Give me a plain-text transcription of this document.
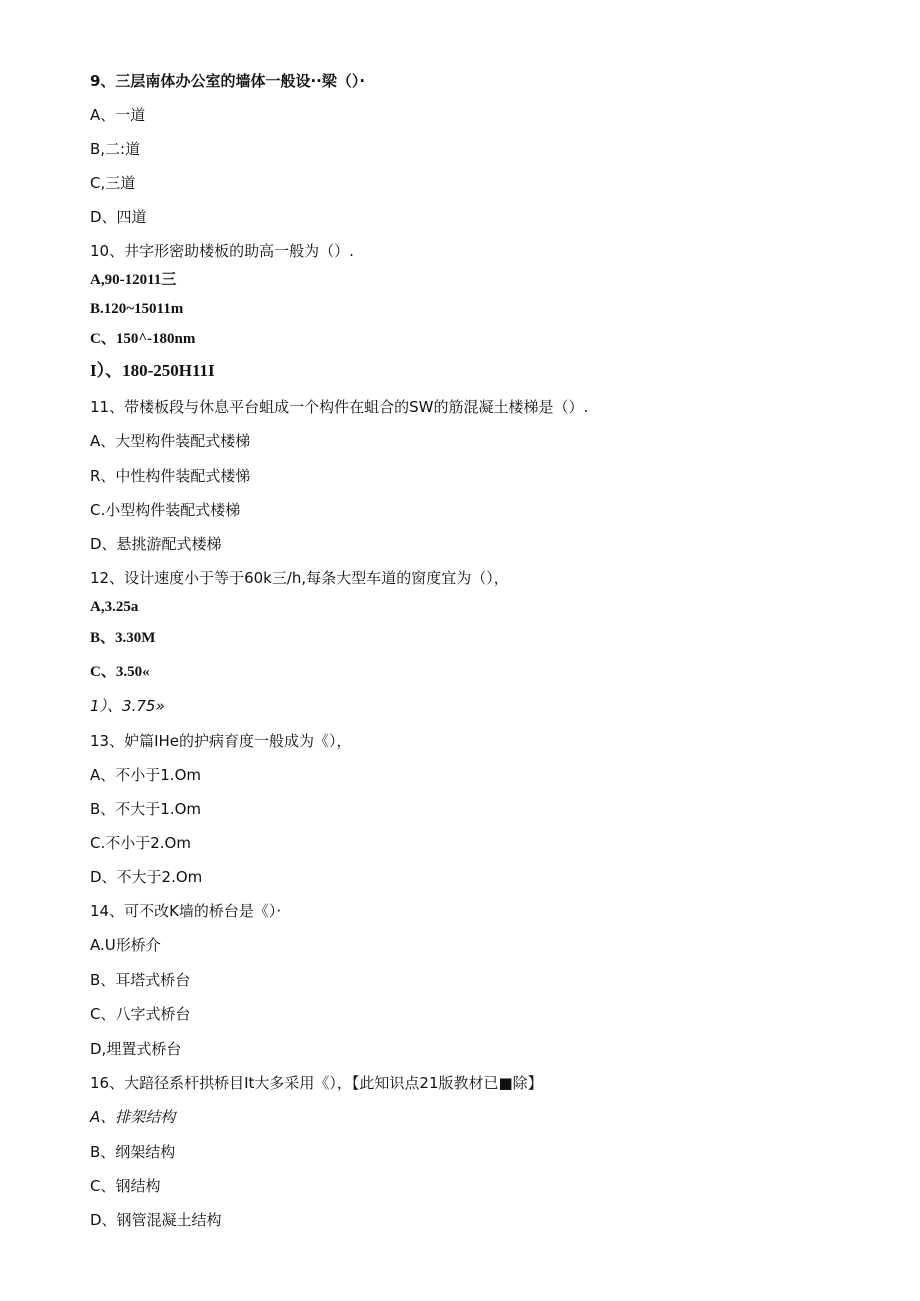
9、三层南体办公室的墙体一般设··梁（）·
A、一道
B,二:道
C,三道
D、四道
10、井字形密助楼板的助高一般为（）.
A,90-12011三
B.120~15011m
C、150^-180nm
I）、180-250H11I
11、带楼板段与休息平台蛆成一个构件在蛆合的SW的筋混凝土楼梯是（）.
A、大型构件装配式楼梯
R、中性构件装配式楼悌
C.小型构件装配式楼梯
D、悬挑游配式楼梯
12、设计速度小于等于60k三/h,每条大型车道的窗度宜为（），
A,3.25a
B、3.30M
C、3.50«
1）、3.75»
13、妒篇IHe的护病育度一般成为《），
A、不小于1.Om
B、不大于1.Om
C.不小于2.Om
D、不大于2.Om
14、可不改K墙的桥台是《）·
A.U形桥介
B、耳塔式桥台
C、八字式桥台
D,埋置式桥台
16、大踣径系杆拱桥目It大多采用《），【此知识点21版教材已■除】
A、排架结构
B、纲架结构
C、钢结构
D、钢管混凝土结构
